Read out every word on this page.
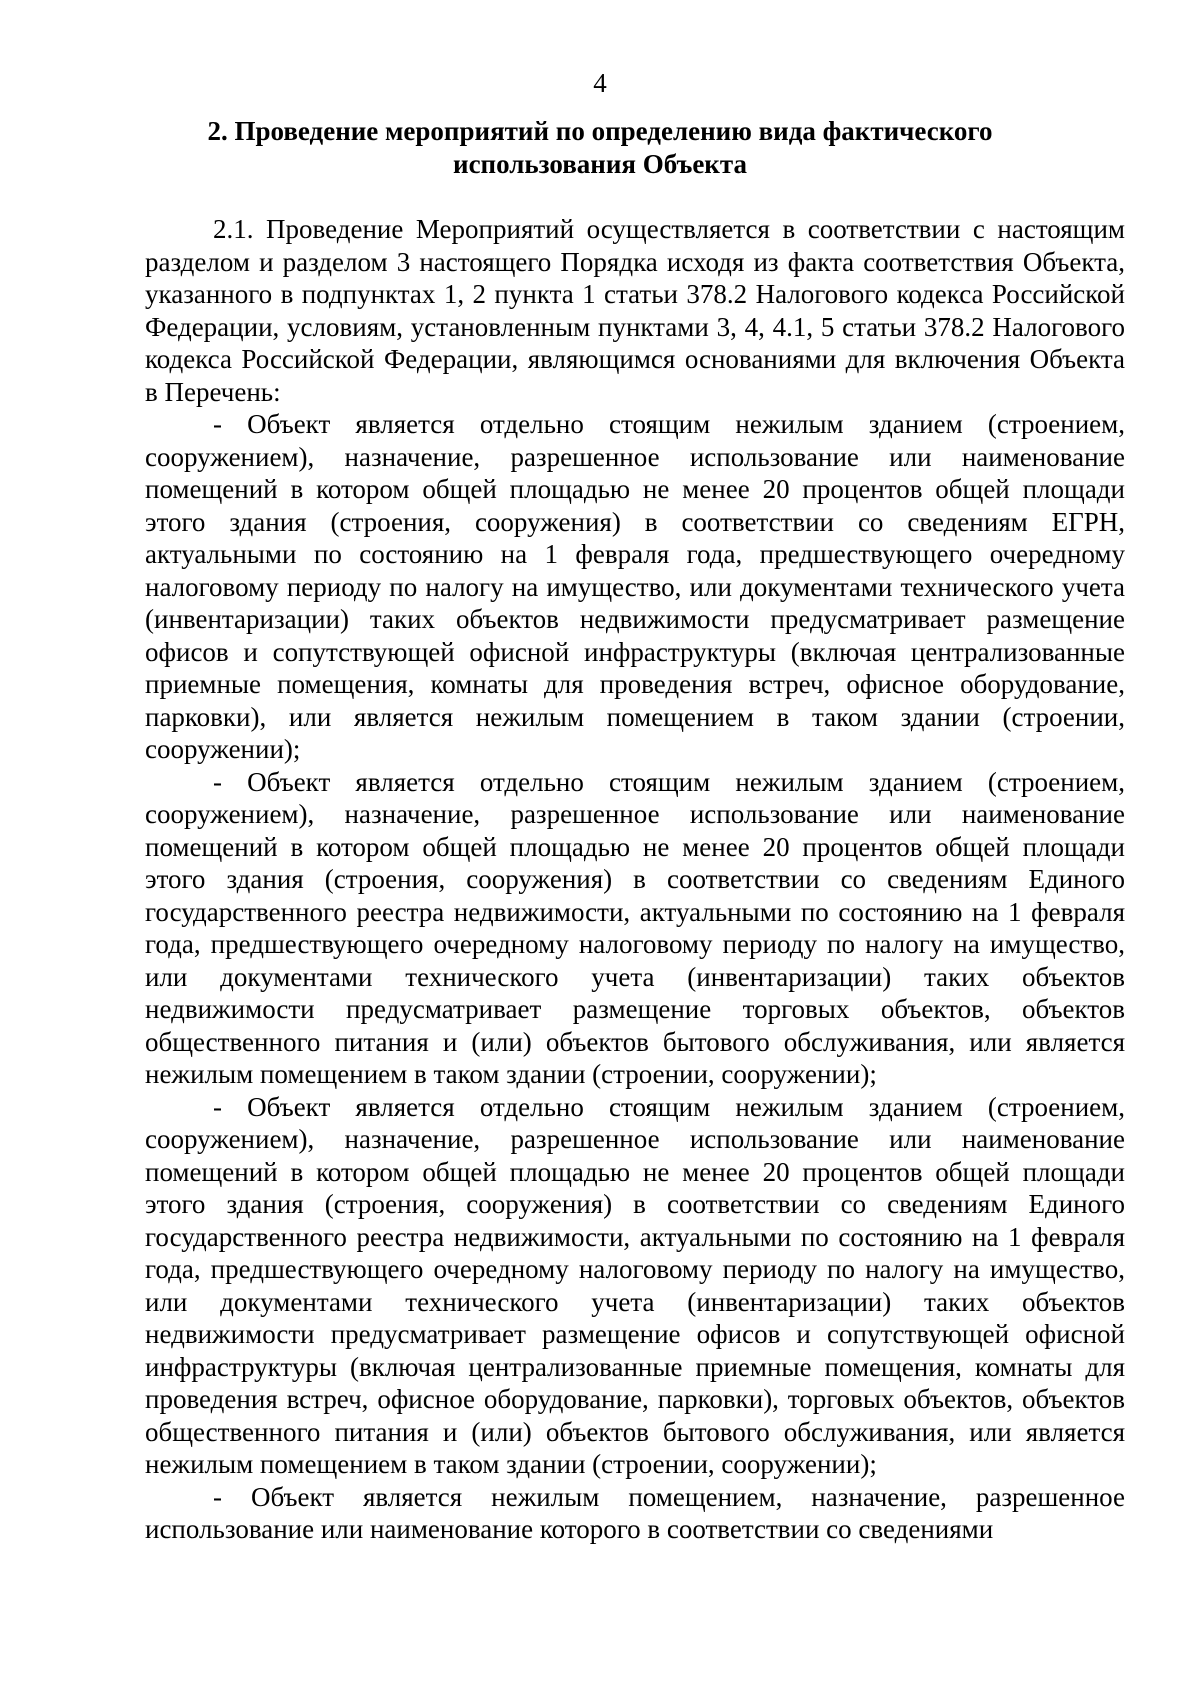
4
2. Проведение мероприятий по определению вида фактического
использования Объекта

2.1. Проведение Мероприятий осуществляется в соответствии с настоящим разделом и разделом 3 настоящего Порядка исходя из факта соответствия Объекта, указанного в подпунктах 1, 2 пункта 1 статьи 378.2 Налогового кодекса Российской Федерации, условиям, установленным пунктами 3, 4, 4.1, 5 статьи 378.2 Налогового кодекса Российской Федерации, являющимся основаниями для включения Объекта в Перечень:

- Объект является отдельно стоящим нежилым зданием (строением, сооружением), назначение, разрешенное использование или наименование помещений в котором общей площадью не менее 20 процентов общей площади этого здания (строения, сооружения) в соответствии со сведениям ЕГРН, актуальными по состоянию на 1 февраля года, предшествующего очередному налоговому периоду по налогу на имущество, или документами технического учета (инвентаризации) таких объектов недвижимости предусматривает размещение офисов и сопутствующей офисной инфраструктуры (включая централизованные приемные помещения, комнаты для проведения встреч, офисное оборудование, парковки), или является нежилым помещением в таком здании (строении, сооружении);

- Объект является отдельно стоящим нежилым зданием (строением, сооружением), назначение, разрешенное использование или наименование помещений в котором общей площадью не менее 20 процентов общей площади этого здания (строения, сооружения) в соответствии со сведениям Единого государственного реестра недвижимости, актуальными по состоянию на 1 февраля года, предшествующего очередному налоговому периоду по налогу на имущество, или документами технического учета (инвентаризации) таких объектов недвижимости предусматривает размещение торговых объектов, объектов общественного питания и (или) объектов бытового обслуживания, или является нежилым помещением в таком здании (строении, сооружении);

- Объект является отдельно стоящим нежилым зданием (строением, сооружением), назначение, разрешенное использование или наименование помещений в котором общей площадью не менее 20 процентов общей площади этого здания (строения, сооружения) в соответствии со сведениям Единого государственного реестра недвижимости, актуальными по состоянию на 1 февраля года, предшествующего очередному налоговому периоду по налогу на имущество, или документами технического учета (инвентаризации) таких объектов недвижимости предусматривает размещение офисов и сопутствующей офисной инфраструктуры (включая централизованные приемные помещения, комнаты для проведения встреч, офисное оборудование, парковки), торговых объектов, объектов общественного питания и (или) объектов бытового обслуживания, или является нежилым помещением в таком здании (строении, сооружении);

- Объект является нежилым помещением, назначение, разрешенное использование или наименование которого в соответствии со сведениями
